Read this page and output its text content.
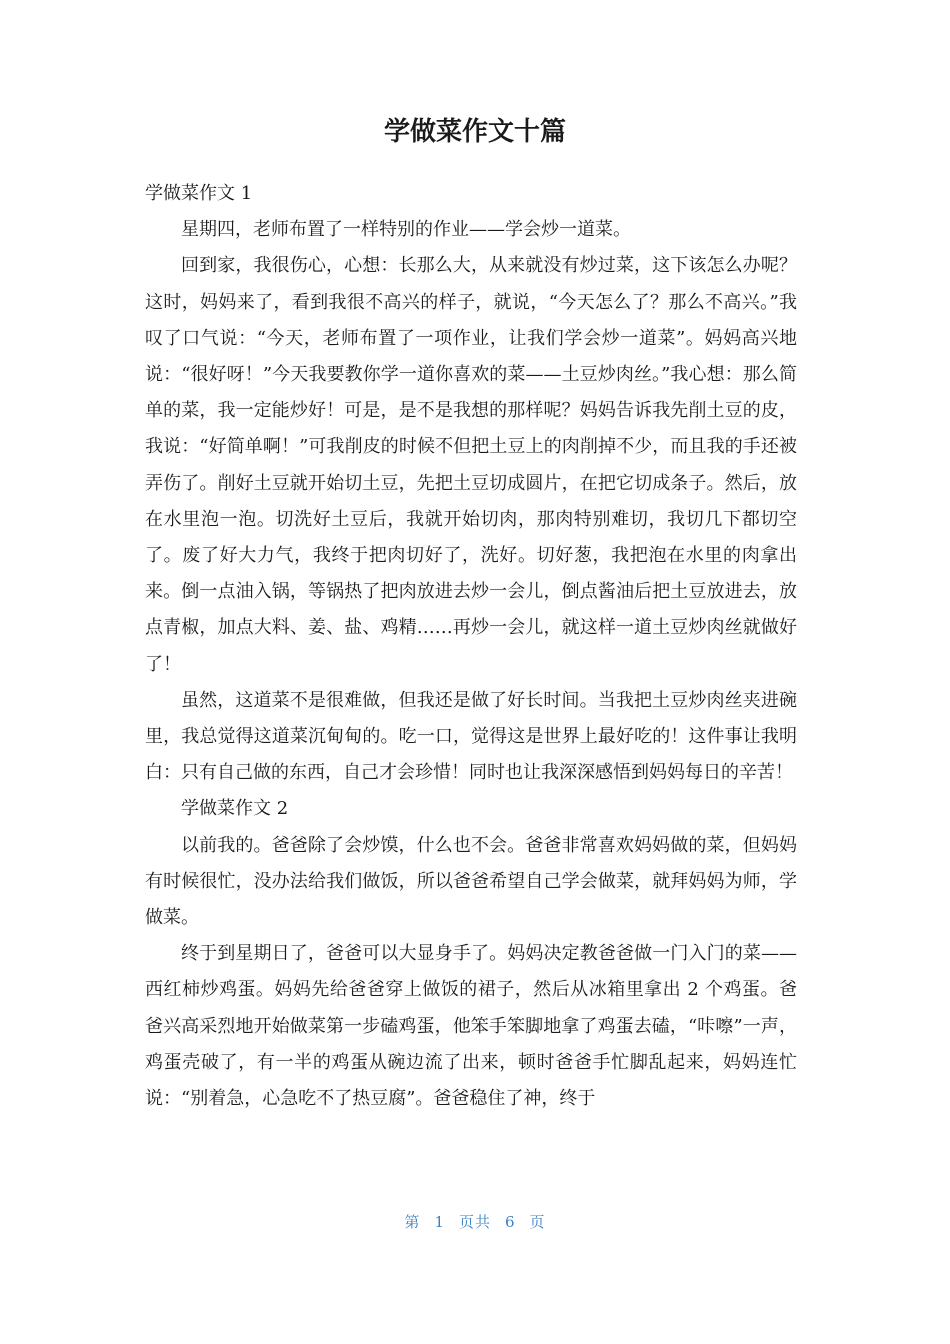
学做菜作文十篇

学做菜作文 1

星期四，老师布置了一样特别的作业——学会炒一道菜。

回到家，我很伤心，心想：长那么大，从来就没有炒过菜，这下该怎么办呢？这时，妈妈来了，看到我很不高兴的样子，就说，“今天怎么了？那么不高兴。”我叹了口气说：“今天，老师布置了一项作业，让我们学会炒一道菜”。妈妈高兴地说：“很好呀！”今天我要教你学一道你喜欢的菜——土豆炒肉丝。”我心想：那么简单的菜，我一定能炒好！可是，是不是我想的那样呢？妈妈告诉我先削土豆的皮，我说：“好简单啊！”可我削皮的时候不但把土豆上的肉削掉不少，而且我的手还被弄伤了。削好土豆就开始切土豆，先把土豆切成圆片，在把它切成条子。然后，放在水里泡一泡。切洗好土豆后，我就开始切肉，那肉特别难切，我切几下都切空了。废了好大力气，我终于把肉切好了，洗好。切好葱，我把泡在水里的肉拿出来。倒一点油入锅，等锅热了把肉放进去炒一会儿，倒点酱油后把土豆放进去，放点青椒，加点大料、姜、盐、鸡精……再炒一会儿，就这样一道土豆炒肉丝就做好了！

虽然，这道菜不是很难做，但我还是做了好长时间。当我把土豆炒肉丝夹进碗里，我总觉得这道菜沉甸甸的。吃一口，觉得这是世界上最好吃的！这件事让我明白：只有自己做的东西，自己才会珍惜！同时也让我深深感悟到妈妈每日的辛苦！

学做菜作文 2

以前我的。爸爸除了会炒馍，什么也不会。爸爸非常喜欢妈妈做的菜，但妈妈有时候很忙，没办法给我们做饭，所以爸爸希望自己学会做菜，就拜妈妈为师，学做菜。

终于到星期日了，爸爸可以大显身手了。妈妈决定教爸爸做一门入门的菜——西红柿炒鸡蛋。妈妈先给爸爸穿上做饭的裙子，然后从冰箱里拿出 2 个鸡蛋。爸爸兴高采烈地开始做菜第一步磕鸡蛋，他笨手笨脚地拿了鸡蛋去磕，“咔嚓”一声，鸡蛋壳破了，有一半的鸡蛋从碗边流了出来，顿时爸爸手忙脚乱起来，妈妈连忙说：“别着急，心急吃不了热豆腐”。爸爸稳住了神，终于

第 1 页共 6 页
